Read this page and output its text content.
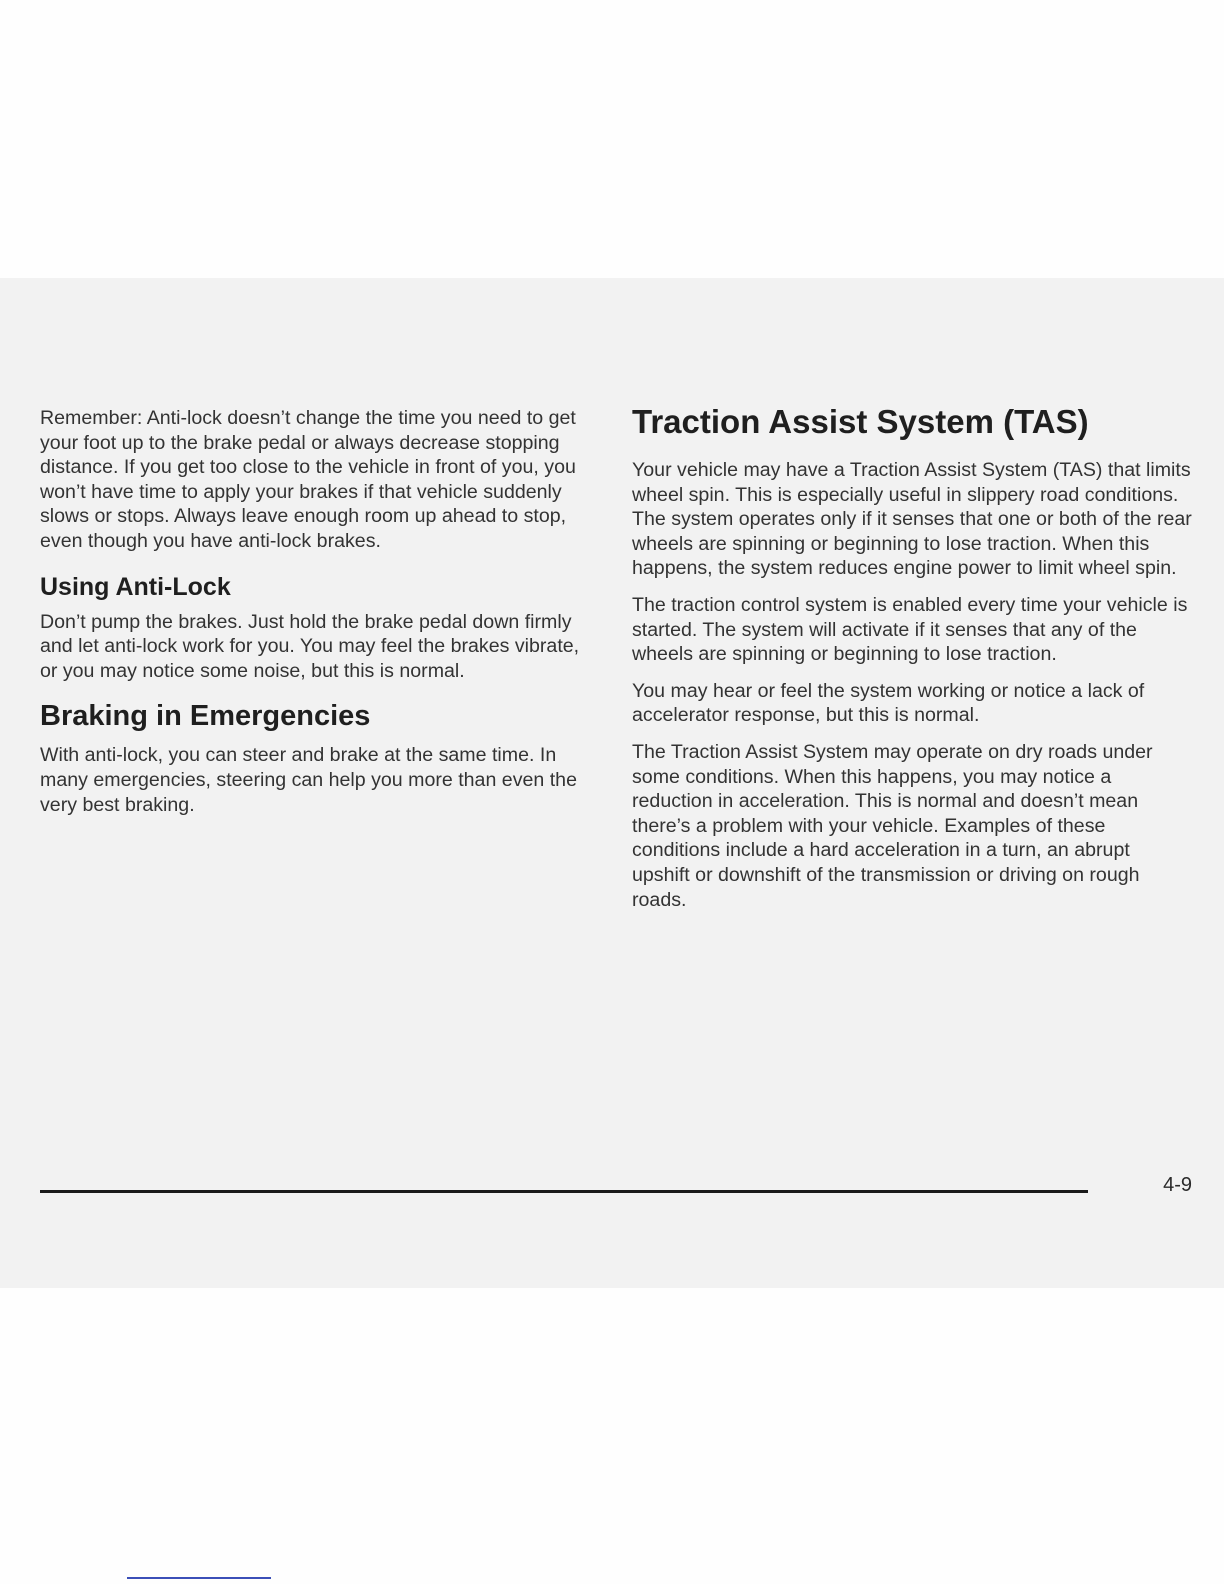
Remember: Anti-lock doesn’t change the time you need to get your foot up to the brake pedal or always decrease stopping distance. If you get too close to the vehicle in front of you, you won’t have time to apply your brakes if that vehicle suddenly slows or stops. Always leave enough room up ahead to stop, even though you have anti-lock brakes.

Using Anti-Lock

Don’t pump the brakes. Just hold the brake pedal down firmly and let anti-lock work for you. You may feel the brakes vibrate, or you may notice some noise, but this is normal.

Braking in Emergencies

With anti-lock, you can steer and brake at the same time. In many emergencies, steering can help you more than even the very best braking.

Traction Assist System (TAS)

Your vehicle may have a Traction Assist System (TAS) that limits wheel spin. This is especially useful in slippery road conditions. The system operates only if it senses that one or both of the rear wheels are spinning or beginning to lose traction. When this happens, the system reduces engine power to limit wheel spin.

The traction control system is enabled every time your vehicle is started. The system will activate if it senses that any of the wheels are spinning or beginning to lose traction.

You may hear or feel the system working or notice a lack of accelerator response, but this is normal.

The Traction Assist System may operate on dry roads under some conditions. When this happens, you may notice a reduction in acceleration. This is normal and doesn’t mean there’s a problem with your vehicle. Examples of these conditions include a hard acceleration in a turn, an abrupt upshift or downshift of the transmission or driving on rough roads.

4-9
